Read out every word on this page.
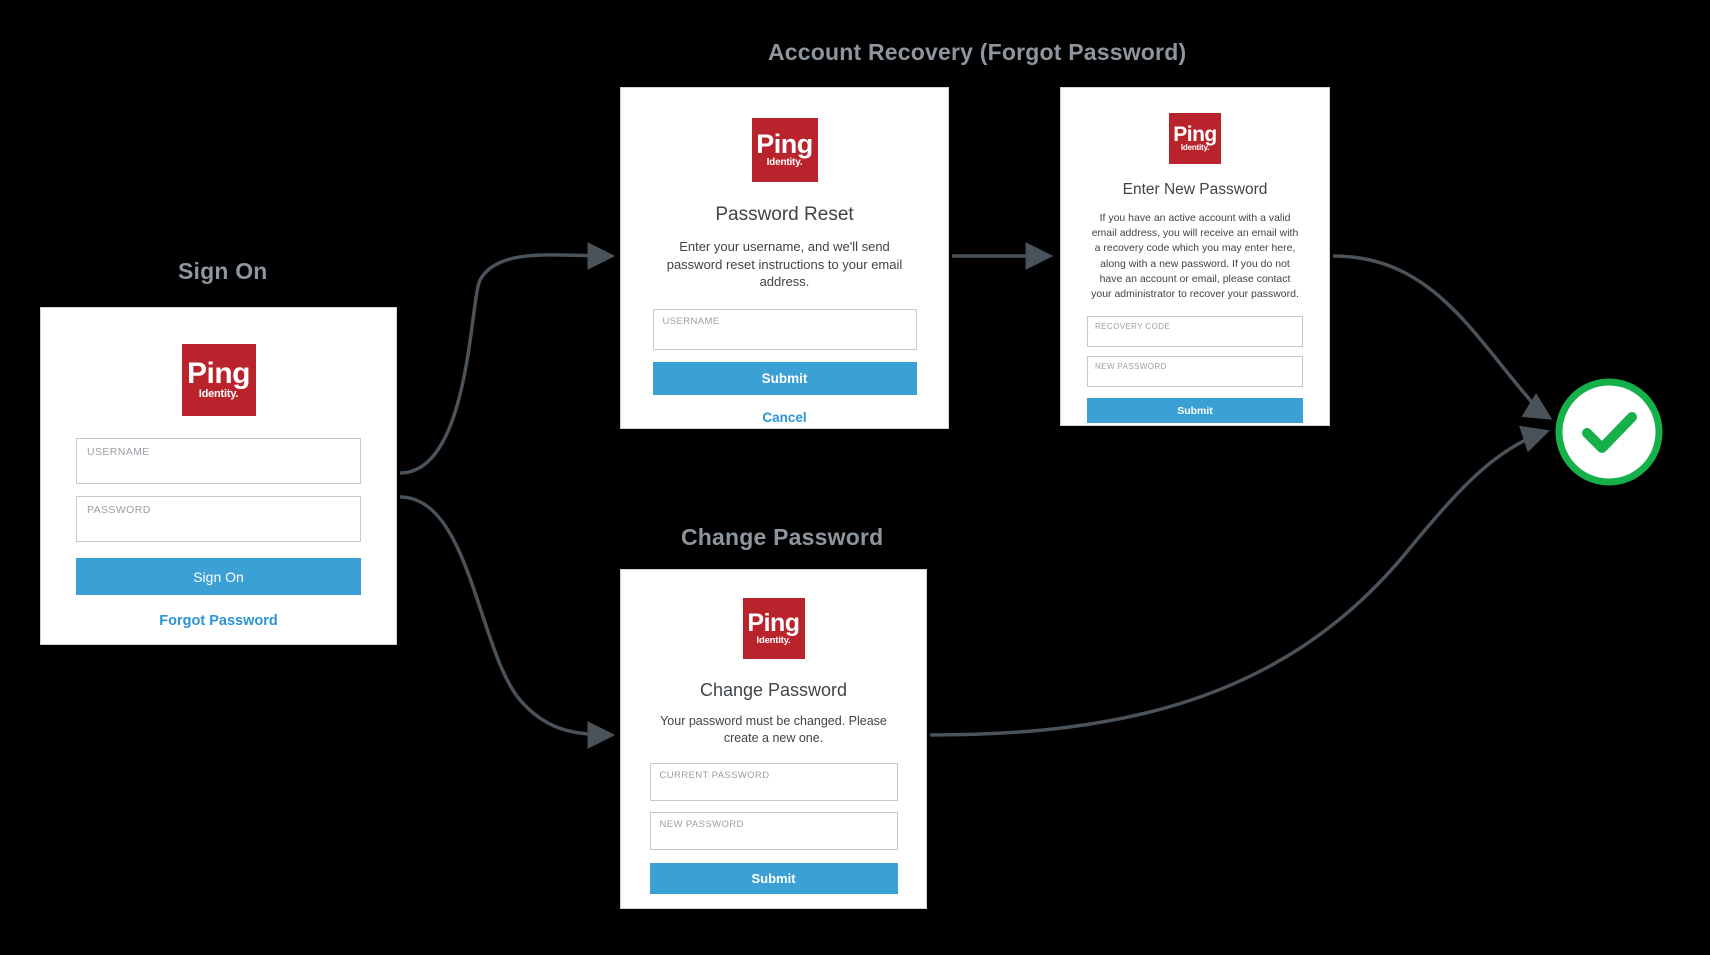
Sign On
Account Recovery (Forgot Password)
Change Password
Ping
Identity.
USERNAME
PASSWORD
Sign On
Forgot Password
Ping
Identity.
Password Reset
Enter your username, and we'll send password reset instructions to your email address.
USERNAME
Submit
Cancel
Ping
Identity.
Enter New Password
If you have an active account with a valid email address, you will receive an email with a recovery code which you may enter here, along with a new password. If you do not have an account or email, please contact your administrator to recover your password.
RECOVERY CODE
NEW PASSWORD
Submit
Ping
Identity.
Change Password
Your password must be changed. Please create a new one.
CURRENT PASSWORD
NEW PASSWORD
Submit
